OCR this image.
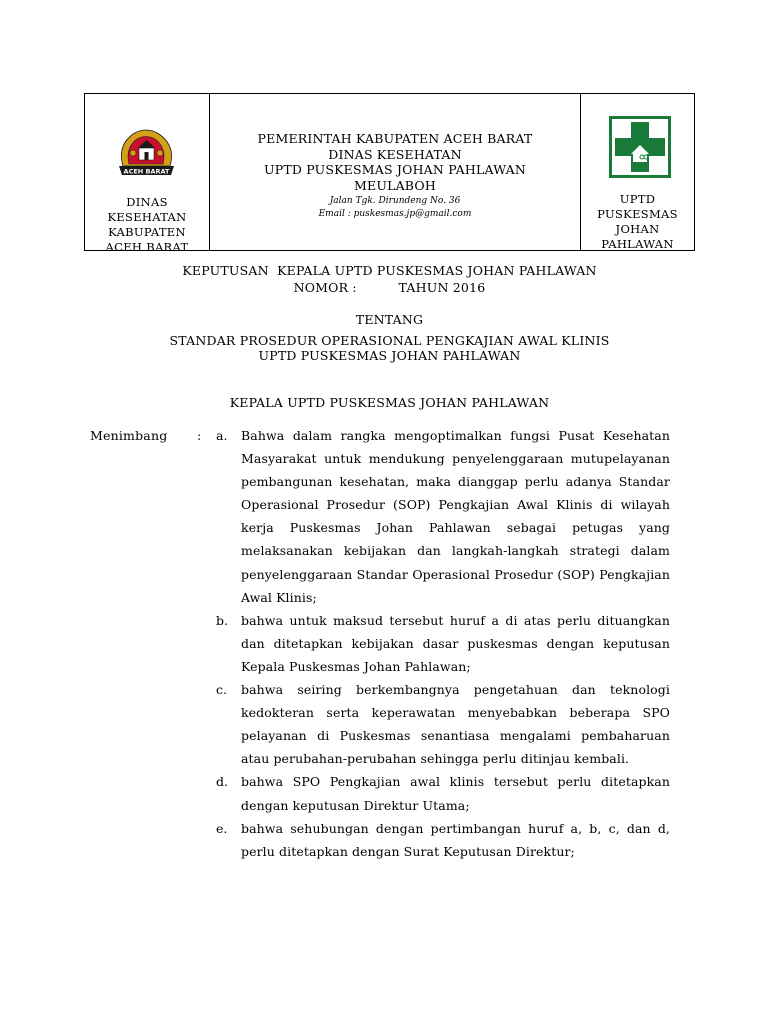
ACEH BARAT
DINAS
KESEHATAN
KABUPATEN
ACEH BARAT
PEMERINTAH KABUPATEN ACEH BARAT
DINAS KESEHATAN
UPTD PUSKESMAS JOHAN PAHLAWAN
MEULABOH
Jalan Tgk. Dirundeng No. 36
Email : puskesmas.jp@gmail.com
UPTD
PUSKESMAS
JOHAN
PAHLAWAN
KEPUTUSAN  KEPALA UPTD PUSKESMAS JOHAN PAHLAWAN
NOMOR :          TAHUN 2016
TENTANG
STANDAR PROSEDUR OPERASIONAL PENGKAJIAN AWAL KLINIS
UPTD PUSKESMAS JOHAN PAHLAWAN
KEPALA UPTD PUSKESMAS JOHAN PAHLAWAN
Menimbang : a.	Bahwa dalam rangka mengoptimalkan fungsi Pusat Kesehatan Masyarakat untuk mendukung penyelenggaraan mutupelayanan pembangunan kesehatan, maka dianggap perlu adanya Standar Operasional Prosedur (SOP) Pengkajian Awal Klinis di wilayah kerja Puskesmas Johan Pahlawan sebagai petugas yang melaksanakan kebijakan dan langkah-langkah strategi dalam penyelenggaraan Standar Operasional Prosedur (SOP) Pengkajian Awal Klinis;
b.	bahwa untuk maksud tersebut huruf a di atas perlu dituangkan dan ditetapkan kebijakan dasar puskesmas dengan keputusan Kepala Puskesmas Johan Pahlawan;
c.	bahwa seiring berkembangnya pengetahuan dan teknologi kedokteran serta keperawatan menyebabkan beberapa SPO pelayanan di Puskesmas senantiasa mengalami pembaharuan atau perubahan-perubahan sehingga perlu ditinjau kembali.
d.	bahwa SPO Pengkajian awal klinis tersebut perlu ditetapkan dengan keputusan Direktur Utama;
e.	bahwa sehubungan dengan pertimbangan huruf a, b, c, dan d, perlu ditetapkan dengan Surat Keputusan Direktur;
